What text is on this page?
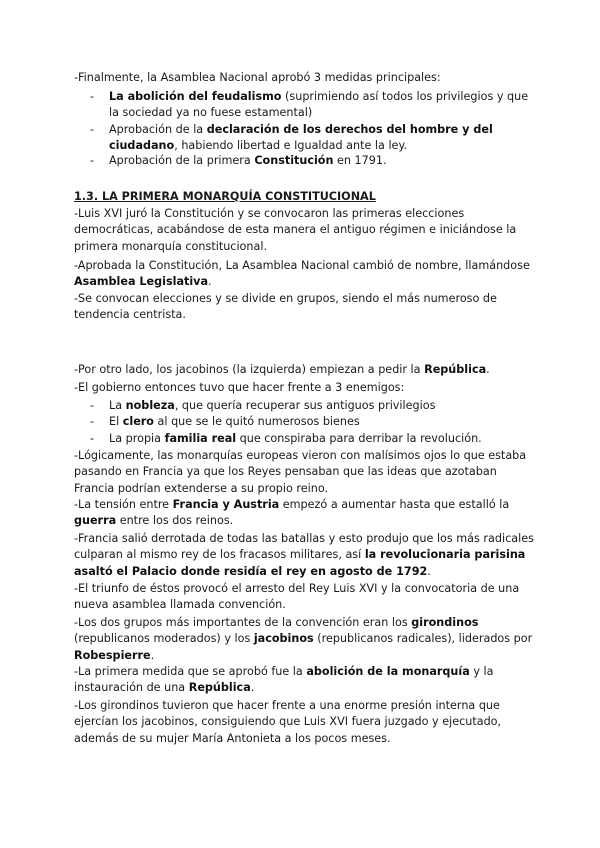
-Finalmente, la Asamblea Nacional aprobó 3 medidas principales:

- La abolición del feudalismo (suprimiendo así todos los privilegios y que la sociedad ya no fuese estamental)

- Aprobación de la declaración de los derechos del hombre y del ciudadano, habiendo libertad e Igualdad ante la ley.

- Aprobación de la primera Constitución en 1791.

1.3. LA PRIMERA MONARQUÍA CONSTITUCIONAL

-Luis XVI juró la Constitución y se convocaron las primeras elecciones democráticas, acabándose de esta manera el antiguo régimen e iniciándose la primera monarquía constitucional.

-Aprobada la Constitución, La Asamblea Nacional cambió de nombre, llamándose Asamblea Legislativa.

-Se convocan elecciones y se divide en grupos, siendo el más numeroso de tendencia centrista.

-Por otro lado, los jacobinos (la izquierda) empiezan a pedir la República.

-El gobierno entonces tuvo que hacer frente a 3 enemigos:

- La nobleza, que quería recuperar sus antiguos privilegios

- El clero al que se le quitó numerosos bienes

- La propia familia real que conspiraba para derribar la revolución.

-Lógicamente, las monarquías europeas vieron con malísimos ojos lo que estaba pasando en Francia ya que los Reyes pensaban que las ideas que azotaban Francia podrían extenderse a su propio reino.

-La tensión entre Francia y Austria empezó a aumentar hasta que estalló la guerra entre los dos reinos.

-Francia salió derrotada de todas las batallas y esto produjo que los más radicales culparan al mismo rey de los fracasos militares, así la revolucionaria parisina asaltó el Palacio donde residía el rey en agosto de 1792.

-El triunfo de éstos provocó el arresto del Rey Luis XVI y la convocatoria de una nueva asamblea llamada convención.

-Los dos grupos más importantes de la convención eran los girondinos (republicanos moderados) y los jacobinos (republicanos radicales), liderados por Robespierre.

-La primera medida que se aprobó fue la abolición de la monarquía y la instauración de una República.

-Los girondinos tuvieron que hacer frente a una enorme presión interna que ejercían los jacobinos, consiguiendo que Luis XVI fuera juzgado y ejecutado, además de su mujer María Antonieta a los pocos meses.
